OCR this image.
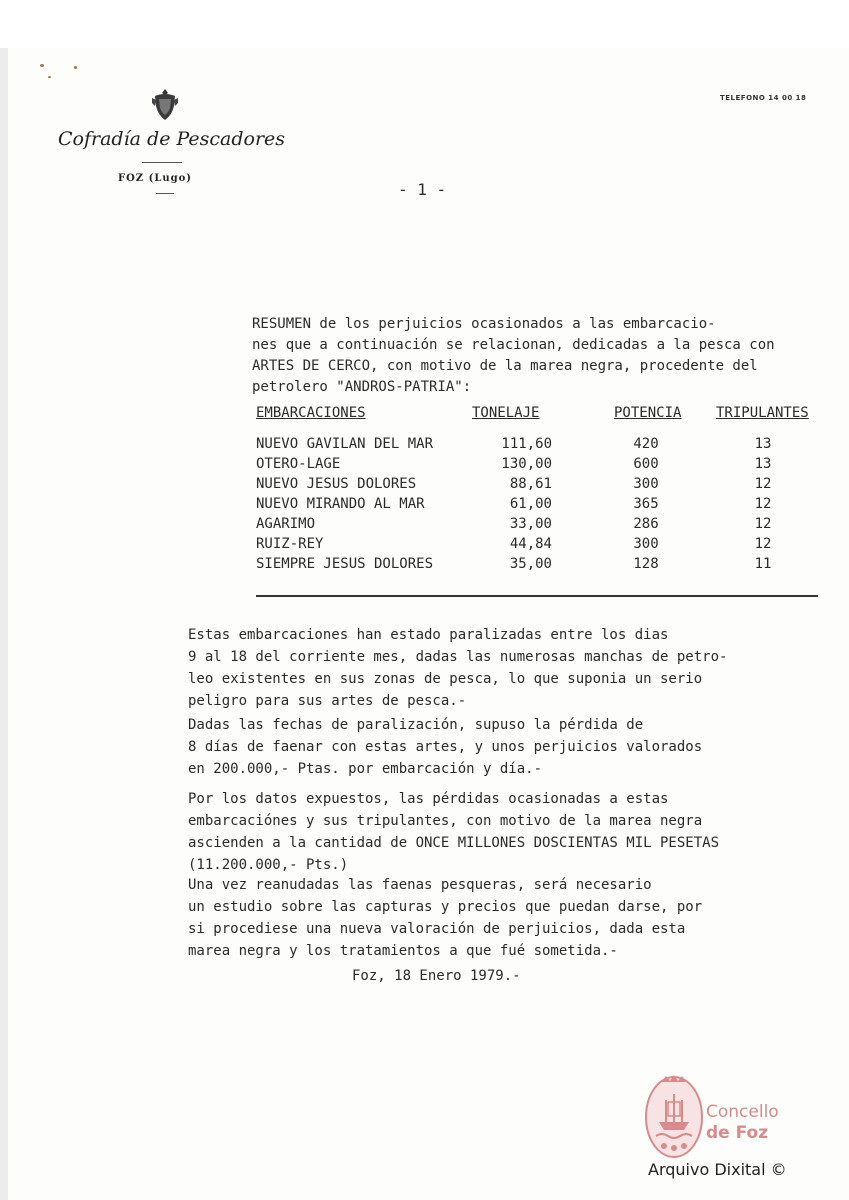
Cofradía de Pescadores
FOZ (Lugo)
TELEFONO 14 00 18
- 1 -
RESUMEN de los perjuicios ocasionados a las embarcacio-
nes que a continuación se relacionan, dedicadas a la pesca con
ARTES DE CERCO, con motivo de la marea negra, procedente del
petrolero "ANDROS-PATRIA":
EMBARCACIONES	TONELAJE	POTENCIA TRIPULANTES
NUEVO GAVILAN DEL MAR	111,60	420	13
OTERO-LAGE	130,00	600	13
NUEVO JESUS DOLORES	88,61	300	12
NUEVO MIRANDO AL MAR	61,00	365	12
AGARIMO	33,00	286	12
RUIZ-REY	44,84	300	12
SIEMPRE JESUS DOLORES	35,00	128	11
Estas embarcaciones han estado paralizadas entre los dias
9 al 18 del corriente mes, dadas las numerosas manchas de petro-
leo existentes en sus zonas de pesca, lo que suponia un serio
peligro para sus artes de pesca.-
Dadas las fechas de paralización, supuso la pérdida de
8 días de faenar con estas artes, y unos perjuicios valorados
en 200.000,- Ptas. por embarcación y día.-
Por los datos expuestos, las pérdidas ocasionadas a estas
embarcaciónes y sus tripulantes, con motivo de la marea negra
ascienden a la cantidad de ONCE MILLONES DOSCIENTAS MIL PESETAS
(11.200.000,- Pts.)
Una vez reanudadas las faenas pesqueras, será necesario
un estudio sobre las capturas y precios que puedan darse, por
si procediese una nueva valoración de perjuicios, dada esta
marea negra y los tratamientos a que fué sometida.-
Foz, 18 Enero 1979.-
Concello
de Foz
Arquivo Dixital ©
